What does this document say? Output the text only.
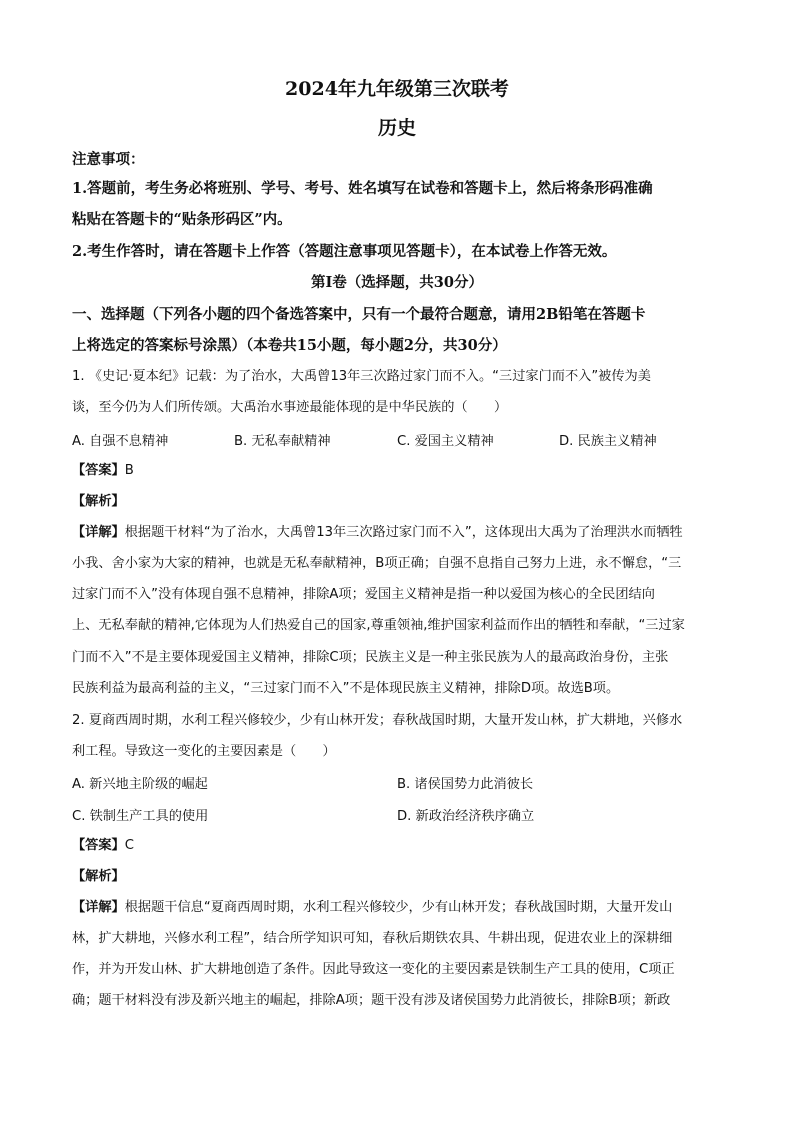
2024年九年级第三次联考
历史
注意事项：
1.答题前，考生务必将班别、学号、考号、姓名填写在试卷和答题卡上，然后将条形码准确
粘贴在答题卡的“贴条形码区”内。
2.考生作答时，请在答题卡上作答（答题注意事项见答题卡），在本试卷上作答无效。
第Ⅰ卷（选择题，共30分）
一、选择题（下列各小题的四个备选答案中，只有一个最符合题意，请用2B铅笔在答题卡
上将选定的答案标号涂黑）（本卷共15小题，每小题2分，共30分）
1. 《史记·夏本纪》记载：为了治水，大禹曾13年三次路过家门而不入。“三过家门而不入”被传为美
谈，至今仍为人们所传颂。大禹治水事迹最能体现的是中华民族的（　　）
A. 自强不息精神	B. 无私奉献精神	C. 爱国主义精神	D. 民族主义精神
【答案】B
【解析】
【详解】根据题干材料“为了治水，大禹曾13年三次路过家门而不入”，这体现出大禹为了治理洪水而牺牲
小我、舍小家为大家的精神，也就是无私奉献精神，B项正确；自强不息指自己努力上进，永不懈怠，“三
过家门而不入”没有体现自强不息精神，排除A项；爱国主义精神是指一种以爱国为核心的全民团结向
上、无私奉献的精神,它体现为人们热爱自己的国家,尊重领袖,维护国家利益而作出的牺牲和奉献，“三过家
门而不入”不是主要体现爱国主义精神，排除C项；民族主义是一种主张民族为人的最高政治身份，主张
民族利益为最高利益的主义，“三过家门而不入”不是体现民族主义精神，排除D项。故选B项。
2. 夏商西周时期，水利工程兴修较少，少有山林开发；春秋战国时期，大量开发山林，扩大耕地，兴修水
利工程。导致这一变化的主要因素是（　　）
A. 新兴地主阶级的崛起	B. 诸侯国势力此消彼长
C. 铁制生产工具的使用	D. 新政治经济秩序确立
【答案】C
【解析】
【详解】根据题干信息“夏商西周时期，水利工程兴修较少，少有山林开发；春秋战国时期，大量开发山
林，扩大耕地，兴修水利工程”，结合所学知识可知，春秋后期铁农具、牛耕出现，促进农业上的深耕细
作，并为开发山林、扩大耕地创造了条件。因此导致这一变化的主要因素是铁制生产工具的使用，C项正
确；题干材料没有涉及新兴地主的崛起，排除A项；题干没有涉及诸侯国势力此消彼长，排除B项；新政
